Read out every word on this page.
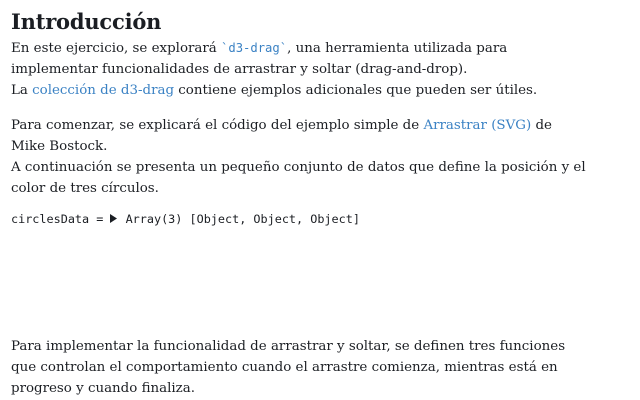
Introducción

En este ejercicio, se explorará `d3-drag`, una herramienta utilizada para
implementar funcionalidades de arrastrar y soltar (drag-and-drop).
La colección de d3-drag contiene ejemplos adicionales que pueden ser útiles.

Para comenzar, se explicará el código del ejemplo simple de Arrastrar (SVG) de
Mike Bostock.
A continuación se presenta un pequeño conjunto de datos que define la posición y el
color de tres círculos.

circlesData =
Array(3) [Object, Object, Object]

Para implementar la funcionalidad de arrastrar y soltar, se definen tres funciones
que controlan el comportamiento cuando el arrastre comienza, mientras está en
progreso y cuando finaliza.
